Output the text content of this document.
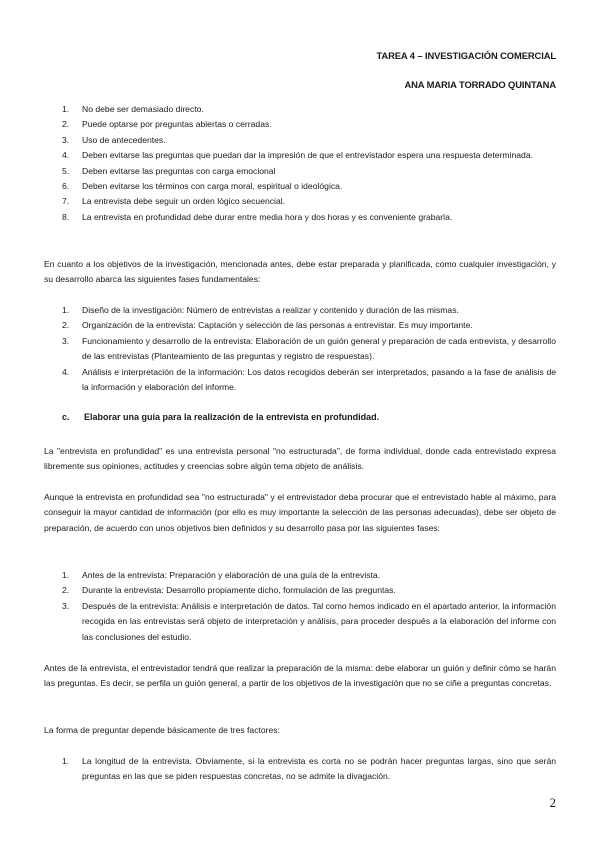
TAREA 4 – INVESTIGACIÓN COMERCIAL
ANA MARIA TORRADO QUINTANA
1. No debe ser demasiado directo.
2. Puede optarse por preguntas abiertas o cerradas.
3. Uso de antecedentes.
4. Deben evitarse las preguntas que puedan dar la impresión de que el entrevistador espera una respuesta determinada.
5. Deben evitarse las preguntas con carga emocional
6. Deben evitarse los términos con carga moral, espiritual o ideológica.
7. La entrevista debe seguir un orden lógico secuencial.
8. La entrevista en profundidad debe durar entre media hora y dos horas y es conveniente grabarla.

En cuanto a los objetivos de la investigación, mencionada antes, debe estar preparada y planificada, como cualquier investigación, y su desarrollo abarca las siguientes fases fundamentales:

1. Diseño de la investigación: Número de entrevistas a realizar y contenido y duración de las mismas.
2. Organización de la entrevista: Captación y selección de las personas a entrevistar. Es muy importante.
3. Funcionamiento y desarrollo de la entrevista: Elaboración de un guión general y preparación de cada entrevista, y desarrollo de las entrevistas (Planteamiento de las preguntas y registro de respuestas).
4. Análisis e interpretación de la información: Los datos recogidos deberán ser interpretados, pasando a la fase de análisis de la información y elaboración del informe.
c. Elaborar una guía para la realización de la entrevista en profundidad.

La "entrevista en profundidad" es una entrevista personal "no estructurada", de forma individual, donde cada entrevistado expresa libremente sus opiniones, actitudes y creencias sobre algún tema objeto de análisis.

Aunque la entrevista en profundidad sea "no estructurada" y el entrevistador deba procurar que el entrevistado hable al máximo, para conseguir la mayor cantidad de información (por ello es muy importante la selección de las personas adecuadas), debe ser objeto de preparación, de acuerdo con unos objetivos bien definidos y su desarrollo pasa por las siguientes fases:

1. Antes de la entrevista: Preparación y elaboración de una guía de la entrevista.
2. Durante la entrevista: Desarrollo propiamente dicho, formulación de las preguntas.
3. Después de la entrevista: Análisis e interpretación de datos. Tal como hemos indicado en el apartado anterior, la información recogida en las entrevistas será objeto de interpretación y análisis, para proceder después a la elaboración del informe con las conclusiones del estudio.

Antes de la entrevista, el entrevistador tendrá que realizar la preparación de la misma: debe elaborar un guión y definir cómo se harán las preguntas. Es decir, se perfila un guión general, a partir de los objetivos de la investigación que no se ciñe a preguntas concretas.

La forma de preguntar depende básicamente de tres factores:

1. La longitud de la entrevista. Obviamente, si la entrevista es corta no se podrán hacer preguntas largas, sino que serán preguntas en las que se piden respuestas concretas, no se admite la divagación.
2
